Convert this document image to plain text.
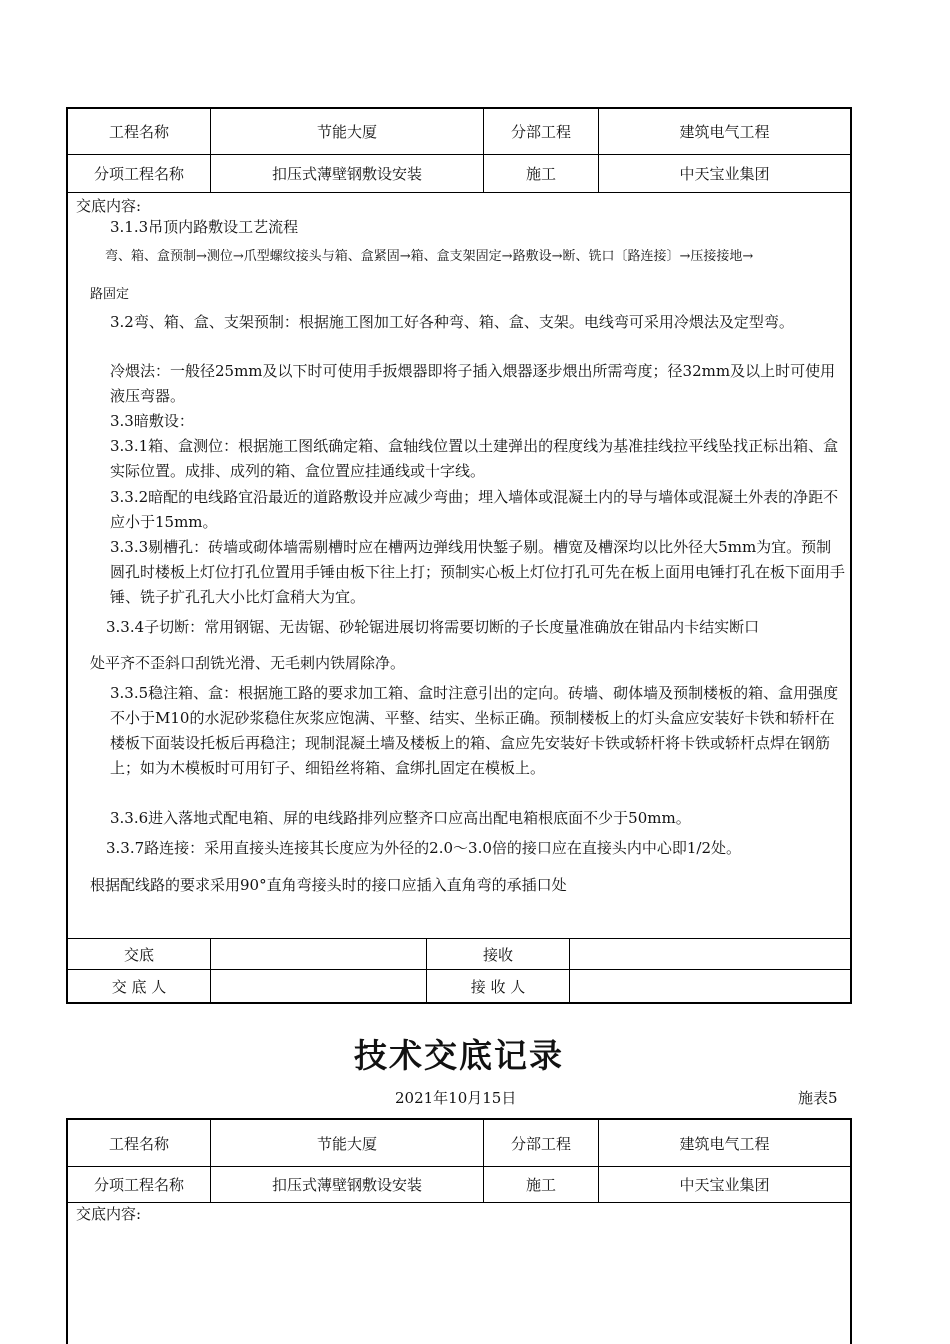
工程名称	节能大厦	分部工程	建筑电气工程
分项工程名称	扣压式薄壁钢敷设安装	施工	中天宝业集团
交底内容:
3.1.3吊顶内路敷设工艺流程
弯、箱、盒预制→测位→爪型螺纹接头与箱、盒紧固→箱、盒支架固定→路敷设→断、铣口〔路连接〕→压接接地→
路固定
3.2弯、箱、盒、支架预制：根据施工图加工好各种弯、箱、盒、支架。电线弯可采用冷煨法及定型弯。
冷煨法：一般径25mm及以下时可使用手扳煨器即将子插入煨器逐步煨出所需弯度；径32mm及以上时可使用液压弯器。
3.3暗敷设：
3.3.1箱、盒测位：根据施工图纸确定箱、盒轴线位置以土建弹出的程度线为基准挂线拉平线坠找正标出箱、盒实际位置。成排、成列的箱、盒位置应挂通线或十字线。
3.3.2暗配的电线路宜沿最近的道路敷设并应减少弯曲；埋入墙体或混凝土内的导与墙体或混凝土外表的净距不应小于15mm。
3.3.3剔槽孔：砖墙或砌体墙需剔槽时应在槽两边弹线用快錾子剔。槽宽及槽深均以比外径大5mm为宜。预制圆孔时楼板上灯位打孔位置用手锤由板下往上打；预制实心板上灯位打孔可先在板上面用电锤打孔在板下面用手锤、铣子扩孔孔大小比灯盒稍大为宜。
3.3.4子切断：常用钢锯、无齿锯、砂轮锯进展切将需要切断的子长度量准确放在钳品内卡结实断口
处平齐不歪斜口刮铣光滑、无毛刺内铁屑除净。
3.3.5稳注箱、盒：根据施工路的要求加工箱、盒时注意引出的定向。砖墙、砌体墙及预制楼板的箱、盒用强度不小于M10的水泥砂浆稳住灰浆应饱满、平整、结实、坐标正确。预制楼板上的灯头盒应安装好卡铁和轿杆在楼板下面装设托板后再稳注；现制混凝土墙及楼板上的箱、盒应先安装好卡铁或轿杆将卡铁或轿杆点焊在钢筋上；如为木模板时可用钉子、细铅丝将箱、盒绑扎固定在模板上。
3.3.6进入落地式配电箱、屏的电线路排列应整齐口应高出配电箱根底面不少于50mm。
3.3.7路连接：采用直接头连接其长度应为外径的2.0～3.0倍的接口应在直接头内中心即1/2处。
根据配线路的要求采用90°直角弯接头时的接口应插入直角弯的承插口处
交底	接收
交 底 人	接 收 人
技术交底记录
2021年10月15日	施表5
工程名称	节能大厦	分部工程	建筑电气工程
分项工程名称	扣压式薄壁钢敷设安装	施工	中天宝业集团
交底内容:
